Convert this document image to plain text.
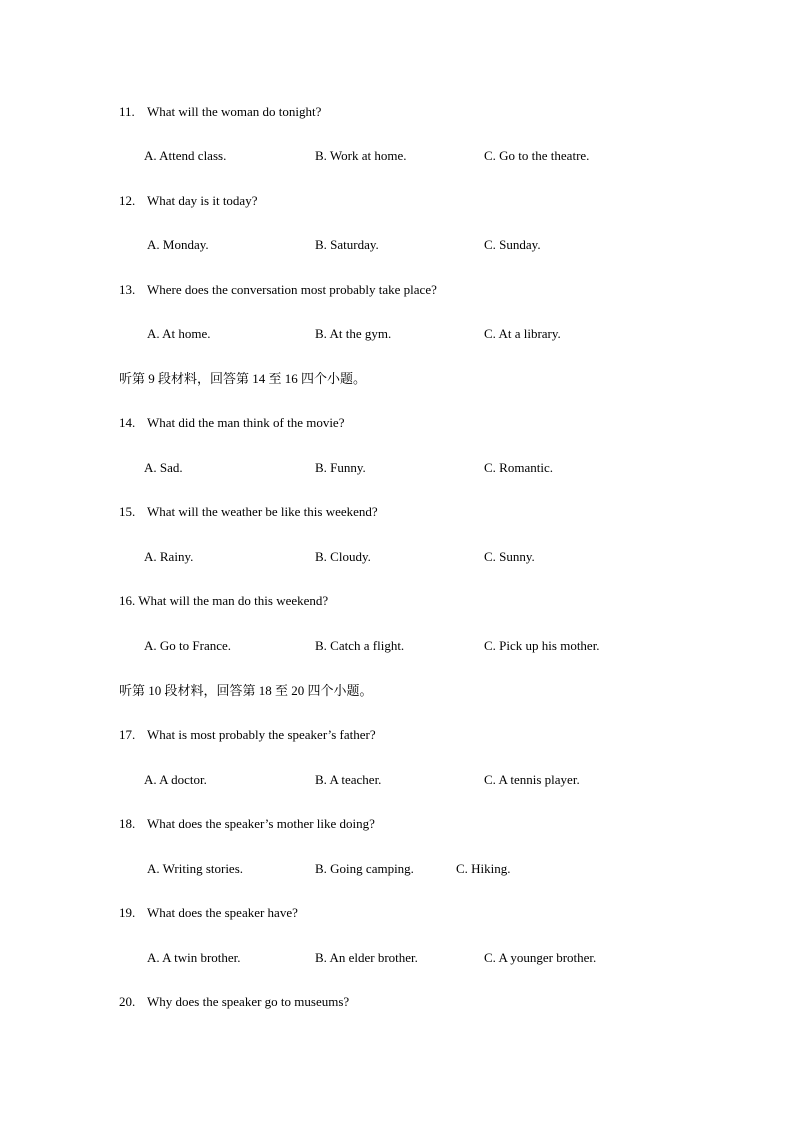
11. What will the woman do tonight?
A. Attend class.	B. Work at home.	C. Go to the theatre.
12. What day is it today?
A. Monday.	B. Saturday.	C. Sunday.
13. Where does the conversation most probably take place?
A. At home.	B. At the gym.	C. At a library.
听第 9 段材料，回答第 14 至 16 四个小题。
14. What did the man think of the movie?
A. Sad.	B. Funny.	C. Romantic.
15. What will the weather be like this weekend?
A. Rainy.	B. Cloudy.	C. Sunny.
16. What will the man do this weekend?
A. Go to France.	B. Catch a flight.	C. Pick up his mother.
听第 10 段材料，回答第 18 至 20 四个小题。
17. What is most probably the speaker’s father?
A. A doctor.	B. A teacher.	C. A tennis player.
18. What does the speaker’s mother like doing?
A. Writing stories.	B. Going camping.	C. Hiking.
19. What does the speaker have?
A. A twin brother.	B. An elder brother.	C. A younger brother.
20. Why does the speaker go to museums?
